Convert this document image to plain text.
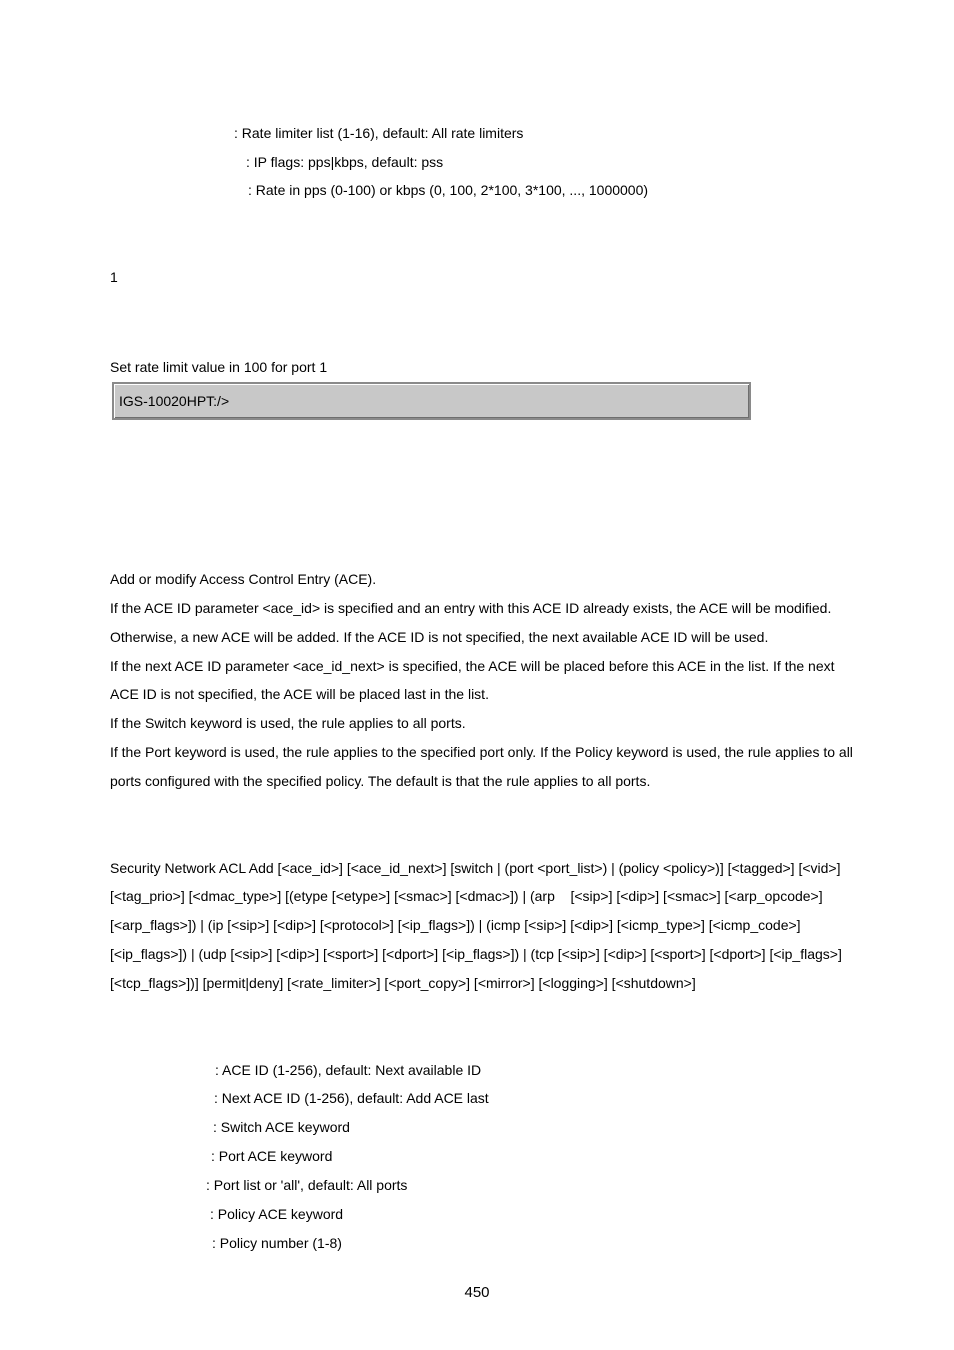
: Rate limiter list (1-16), default: All rate limiters
: IP flags: pps|kbps, default: pss
: Rate in pps (0-100) or kbps (0, 100, 2*100, 3*100, ..., 1000000)
1
Set rate limit value in 100 for port 1
IGS-10020HPT:/>
Add or modify Access Control Entry (ACE).
If the ACE ID parameter <ace_id> is specified and an entry with this ACE ID already exists, the ACE will be modified.
Otherwise, a new ACE will be added. If the ACE ID is not specified, the next available ACE ID will be used.
If the next ACE ID parameter <ace_id_next> is specified, the ACE will be placed before this ACE in the list. If the next
ACE ID is not specified, the ACE will be placed last in the list.
If the Switch keyword is used, the rule applies to all ports.
If the Port keyword is used, the rule applies to the specified port only. If the Policy keyword is used, the rule applies to all
ports configured with the specified policy. The default is that the rule applies to all ports.
Security Network ACL Add [<ace_id>] [<ace_id_next>] [switch | (port <port_list>) | (policy <policy>)] [<tagged>] [<vid>]
[<tag_prio>] [<dmac_type>] [(etype [<etype>] [<smac>] [<dmac>]) | (arp    [<sip>] [<dip>] [<smac>] [<arp_opcode>]
[<arp_flags>]) | (ip [<sip>] [<dip>] [<protocol>] [<ip_flags>]) | (icmp [<sip>] [<dip>] [<icmp_type>] [<icmp_code>]
[<ip_flags>]) | (udp [<sip>] [<dip>] [<sport>] [<dport>] [<ip_flags>]) | (tcp [<sip>] [<dip>] [<sport>] [<dport>] [<ip_flags>]
[<tcp_flags>])] [permit|deny] [<rate_limiter>] [<port_copy>] [<mirror>] [<logging>] [<shutdown>]
: ACE ID (1-256), default: Next available ID
: Next ACE ID (1-256), default: Add ACE last
: Switch ACE keyword
: Port ACE keyword
: Port list or 'all', default: All ports
: Policy ACE keyword
: Policy number (1-8)
450
